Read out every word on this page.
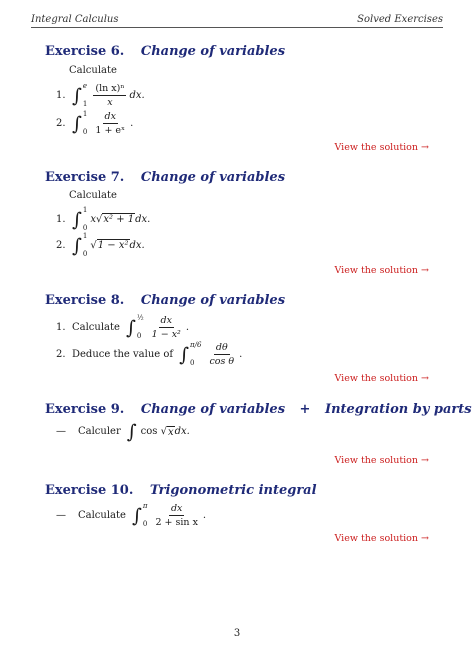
Integral Calculus	Solved Exercises
Exercise 6. Change of variables
Calculate
1. ∫ e
$1 \frac{\text{(ln x)ⁿ}}{x}$ dx.
2. ∫ 1
$0 \frac{dx}{\text{1 + eˣ}}$ .
View the solution →
Exercise 7. Change of variables
Calculate
1. ∫ 1
0
x√ x² + 1 dx.
2. ∫ 1
0
√ 1 − x² dx.
View the solution →
Exercise 8. Change of variables
1. Calculate ∫ ½
$0 \frac{dx}{\text{1 − x²}}$ .
2. Deduce the value of ∫ π/6
0	$\frac{d\theta}{\text{cos θ}}$ .
View the solution →
Exercise 9. Change of variables + Integration by parts
—	Calculer ∫ cos √ x dx.
View the solution →
Exercise 10. Trigonometric integral
—	Calculate ∫ π
$0 \frac{dx}{\text{2 + sin x}}$ .
View the solution →
3
